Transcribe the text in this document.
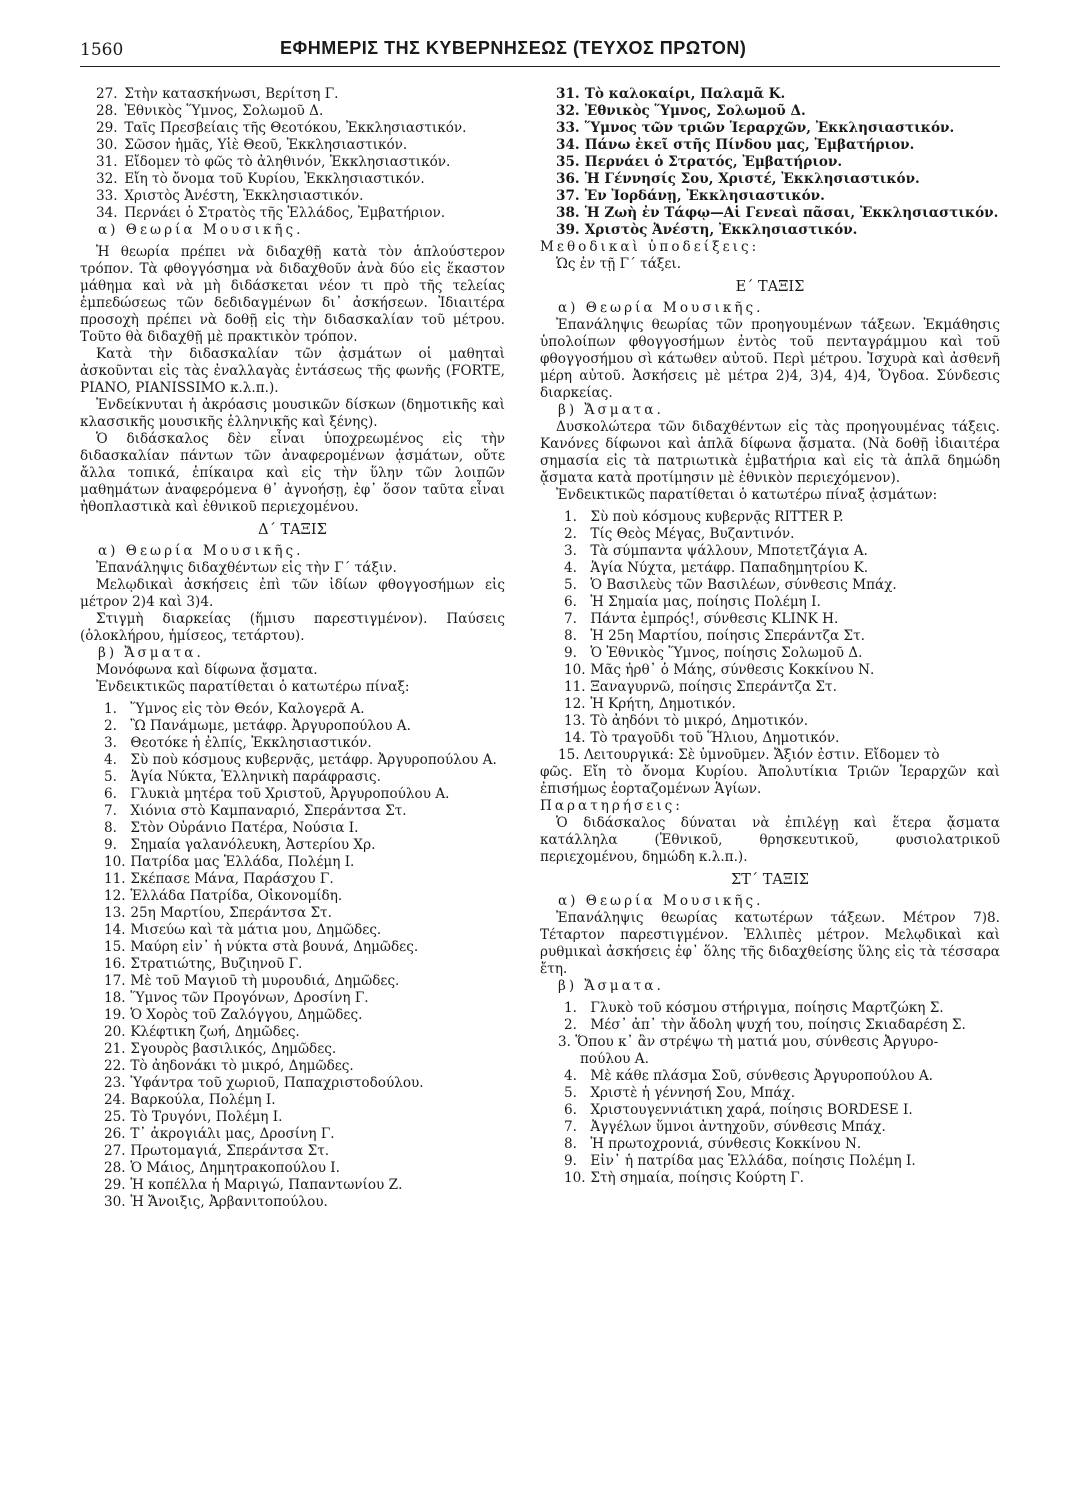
1560	ΕΦΗΜΕΡΙΣ ΤΗΣ ΚΥΒΕΡΝΗΣΕΩΣ (ΤΕΥΧΟΣ ΠΡΩΤΟΝ)
27. Στὴν κατασκήνωσι, Βερίτση Γ.
28. Ἐθνικὸς Ὕμνος, Σολωμοῦ Δ.
29. Ταῖς Πρεσβείαις τῆς Θεοτόκου, Ἐκκλησιαστικόν.
30. Σῶσον ἡμᾶς, Υἱὲ Θεοῦ, Ἐκκλησιαστικόν.
31. Εἴδομεν τὸ φῶς τὸ ἀληθινόν, Ἐκκλησιαστικόν.
32. Εἴη τὸ ὄνομα τοῦ Κυρίου, Ἐκκλησιαστικόν.
33. Χριστὸς Ἀνέστη, Ἐκκλησιαστικόν.
34. Περνάει ὁ Στρατὸς τῆς Ἑλλάδος, Ἐμβατήριον.
α) Θεωρία Μουσικῆς.

Ἡ θεωρία πρέπει νὰ διδαχθῇ κατὰ τὸν ἁπλούστερον τρόπον. Τὰ φθογγόσημα νὰ διδαχθοῦν ἀνὰ δύο εἰς ἕκαστον μάθημα καὶ νὰ μὴ διδάσκεται νέον τι πρὸ τῆς τελείας ἐμπεδώσεως τῶν δεδιδαγμένων δι᾽ ἀσκήσεων. Ἰδιαιτέρα προσοχὴ πρέπει νὰ δοθῇ εἰς τὴν διδασκαλίαν τοῦ μέτρου. Τοῦτο θὰ διδαχθῇ μὲ πρακτικὸν τρόπον.

Κατὰ τὴν διδασκαλίαν τῶν ᾀσμάτων οἱ μαθηταὶ ἀσκοῦνται εἰς τὰς ἐναλλαγὰς ἐντάσεως τῆς φωνῆς (FORTE, PIANO, PIANISSIMO κ.λ.π.).

Ἐνδείκνυται ἡ ἀκρόασις μουσικῶν δίσκων (δημοτικῆς καὶ κλασσικῆς μουσικῆς ἑλληνικῆς καὶ ξένης).

Ὁ διδάσκαλος δὲν εἶναι ὑποχρεωμένος εἰς τὴν διδασκαλίαν πάντων τῶν ἀναφερομένων ᾀσμάτων, οὔτε ἄλλα τοπικά, ἐπίκαιρα καὶ εἰς τὴν ὕλην τῶν λοιπῶν μαθημάτων ἀναφερόμενα θ᾽ ἀγνοήσῃ, ἐφ᾽ ὅσον ταῦτα εἶναι ἠθοπλαστικὰ καὶ ἐθνικοῦ περιεχομένου.

Δ΄ ΤΑΞΙΣ
α) Θεωρία Μουσικῆς.

Ἐπανάληψις διδαχθέντων εἰς τὴν Γ΄ τάξιν.

Μελῳδικαὶ ἀσκήσεις ἐπὶ τῶν ἰδίων φθογγοσήμων εἰς μέτρον 2)4 καὶ 3)4.

Στιγμὴ διαρκείας (ἥμισυ παρεστιγμένον). Παύσεις (ὁλοκλήρου, ἡμίσεος, τετάρτου).

β) Ἄσματα.

Μονόφωνα καὶ δίφωνα ᾄσματα.

Ἐνδεικτικῶς παρατίθεται ὁ κατωτέρω πίναξ:

1. Ὕμνος εἰς τὸν Θεόν, Καλογερᾶ Α.
2. Ὢ Πανάμωμε, μετάφρ. Ἀργυροπούλου Α.
3. Θεοτόκε ἡ ἐλπίς, Ἐκκλησιαστικόν.
4. Σὺ ποὺ κόσμους κυβερνᾷς, μετάφρ. Ἀργυροπούλου Α.
5. Ἁγία Νύκτα, Ἑλληνικὴ παράφρασις.
6. Γλυκιὰ μητέρα τοῦ Χριστοῦ, Ἀργυροπούλου Α.
7. Χιόνια στὸ Καμπαναριό, Σπεράντσα Στ.
8. Στὸν Οὐράνιο Πατέρα, Νούσια Ι.
9. Σημαία γαλανόλευκη, Ἀστερίου Χρ.
10. Πατρίδα μας Ἑλλάδα, Πολέμη Ι.
11. Σκέπασε Μάνα, Παράσχου Γ.
12. Ἑλλάδα Πατρίδα, Οἰκονομίδη.
13. 25η Μαρτίου, Σπεράντσα Στ.
14. Μισεύω καὶ τὰ μάτια μου, Δημῶδες.
15. Μαύρη εἶν᾽ ἡ νύκτα στὰ βουνά, Δημῶδες.
16. Στρατιώτης, Βυζιηνοῦ Γ.
17. Μὲ τοῦ Μαγιοῦ τὴ μυρουδιά, Δημῶδες.
18. Ὕμνος τῶν Προγόνων, Δροσίνη Γ.
19. Ὁ Χορὸς τοῦ Ζαλόγγου, Δημῶδες.
20. Κλέφτικη ζωή, Δημῶδες.
21. Σγουρὸς βασιλικός, Δημῶδες.
22. Τὸ ἀηδονάκι τὸ μικρό, Δημῶδες.
23. Ὑφάντρα τοῦ χωριοῦ, Παπαχριστοδούλου.
24. Βαρκούλα, Πολέμη Ι.
25. Τὸ Τρυγόνι, Πολέμη Ι.
26. Τ᾽ ἀκρογιάλι μας, Δροσίνη Γ.
27. Πρωτομαγιά, Σπεράντσα Στ.
28. Ὁ Μάιος, Δημητρακοπούλου Ι.
29. Ἡ κοπέλλα ἡ Μαριγώ, Παπαντωνίου Ζ.
30. Ἡ Ἄνοιξις, Ἀρβανιτοπούλου.
31. Τὸ καλοκαίρι, Παλαμᾶ Κ.
32. Ἐθνικὸς Ὕμνος, Σολωμοῦ Δ.
33. Ὕμνος τῶν τριῶν Ἱεραρχῶν, Ἐκκλησιαστικόν.
34. Πάνω ἐκεῖ στῆς Πίνδου μας, Ἐμβατήριον.
35. Περνάει ὁ Στρατός, Ἐμβατήριον.
36. Ἡ Γέννησίς Σου, Χριστέ, Ἐκκλησιαστικόν.
37. Ἐν Ἰορδάνῃ, Ἐκκλησιαστικόν.
38. Ἡ Ζωὴ ἐν Τάφῳ—Αἱ Γενεαὶ πᾶσαι, Ἐκκλησιαστικόν.
39. Χριστὸς Ἀνέστη, Ἐκκλησιαστικόν.
Μεθοδικαὶ ὑποδείξεις:

Ὡς ἐν τῇ Γ΄ τάξει.

Ε΄ ΤΑΞΙΣ
α) Θεωρία Μουσικῆς.

Ἐπανάληψις θεωρίας τῶν προηγουμένων τάξεων. Ἐκμάθησις ὑπολοίπων φθογγοσήμων ἐντὸς τοῦ πενταγράμμου καὶ τοῦ φθογγοσήμου σὶ κάτωθεν αὐτοῦ. Περὶ μέτρου. Ἰσχυρὰ καὶ ἀσθενῆ μέρη αὐτοῦ. Ἀσκήσεις μὲ μέτρα 2)4, 3)4, 4)4, Ὄγδοα. Σύνδεσις διαρκείας.

β) Ἄσματα.

Δυσκολώτερα τῶν διδαχθέντων εἰς τὰς προηγουμένας τάξεις. Κανόνες δίφωνοι καὶ ἁπλᾶ δίφωνα ᾄσματα. (Νὰ δοθῇ ἰδιαιτέρα σημασία εἰς τὰ πατριωτικὰ ἐμβατήρια καὶ εἰς τὰ ἁπλᾶ δημώδη ᾄσματα κατὰ προτίμησιν μὲ ἐθνικὸν περιεχόμενον).

Ἐνδεικτικῶς παρατίθεται ὁ κατωτέρω πίναξ ᾀσμάτων:

1. Σὺ ποὺ κόσμους κυβερνᾷς RITTER P.
2. Τίς Θεὸς Μέγας, Βυζαντινόν.
3. Τὰ σύμπαντα ψάλλουν, Μποτετζάγια Α.
4. Ἁγία Νύχτα, μετάφρ. Παπαδημητρίου Κ.
5. Ὁ Βασιλεὺς τῶν Βασιλέων, σύνθεσις Μπάχ.
6. Ἡ Σημαία μας, ποίησις Πολέμη Ι.
7. Πάντα ἐμπρός!, σύνθεσις KLINK H.
8. Ἡ 25η Μαρτίου, ποίησις Σπεράντζα Στ.
9. Ὁ Ἐθνικὸς Ὕμνος, ποίησις Σολωμοῦ Δ.
10. Μᾶς ἦρθ᾽ ὁ Μάης, σύνθεσις Κοκκίνου Ν.
11. Ξαναγυρνῶ, ποίησις Σπεράντζα Στ.
12. Ἡ Κρήτη, Δημοτικόν.
13. Τὸ ἀηδόνι τὸ μικρό, Δημοτικόν.
14. Τὸ τραγοῦδι τοῦ Ἥλιου, Δημοτικόν.
15. Λειτουργικά: Σὲ ὑμνοῦμεν. Ἄξιόν ἐστιν. Εἴδομεν τὸ

φῶς. Εἴη τὸ ὄνομα Κυρίου. Ἀπολυτίκια Τριῶν Ἱεραρχῶν καὶ ἐπισήμως ἑορταζομένων Ἁγίων.

Παρατηρήσεις:

Ὁ διδάσκαλος δύναται νὰ ἐπιλέγῃ καὶ ἕτερα ᾄσματα κατάλληλα (Ἐθνικοῦ, θρησκευτικοῦ, φυσιολατρικοῦ περιεχομένου, δημώδη κ.λ.π.).

ΣΤ΄ ΤΑΞΙΣ
α) Θεωρία Μουσικῆς.

Ἐπανάληψις θεωρίας κατωτέρων τάξεων. Μέτρον 7)8. Τέταρτον παρεστιγμένον. Ἐλλιπὲς μέτρον. Μελῳδικαὶ καὶ ρυθμικαὶ ἀσκήσεις ἐφ᾽ ὅλης τῆς διδαχθείσης ὕλης εἰς τὰ τέσσαρα ἔτη.

β) Ἄσματα.
1. Γλυκὸ τοῦ κόσμου στήριγμα, ποίησις Μαρτζώκη Σ.
2. Μέσ᾽ ἀπ᾽ τὴν ἄδολη ψυχή του, ποίησις Σκιαδαρέση Σ.
3. Ὅπου κ᾽ ἂν στρέψω τὴ ματιά μου, σύνθεσις Ἀργυρο-
πούλου Α.
4. Μὲ κάθε πλάσμα Σοῦ, σύνθεσις Ἀργυροπούλου Α.
5. Χριστὲ ἡ γέννησή Σου, Μπάχ.
6. Χριστουγεννιάτικη χαρά, ποίησις BORDESE I.
7. Ἀγγέλων ὕμνοι ἀντηχοῦν, σύνθεσις Μπάχ.
8. Ἡ πρωτοχρονιά, σύνθεσις Κοκκίνου Ν.
9. Εἶν᾽ ἡ πατρίδα μας Ἑλλάδα, ποίησις Πολέμη Ι.
10. Στὴ σημαία, ποίησις Κούρτη Γ.
